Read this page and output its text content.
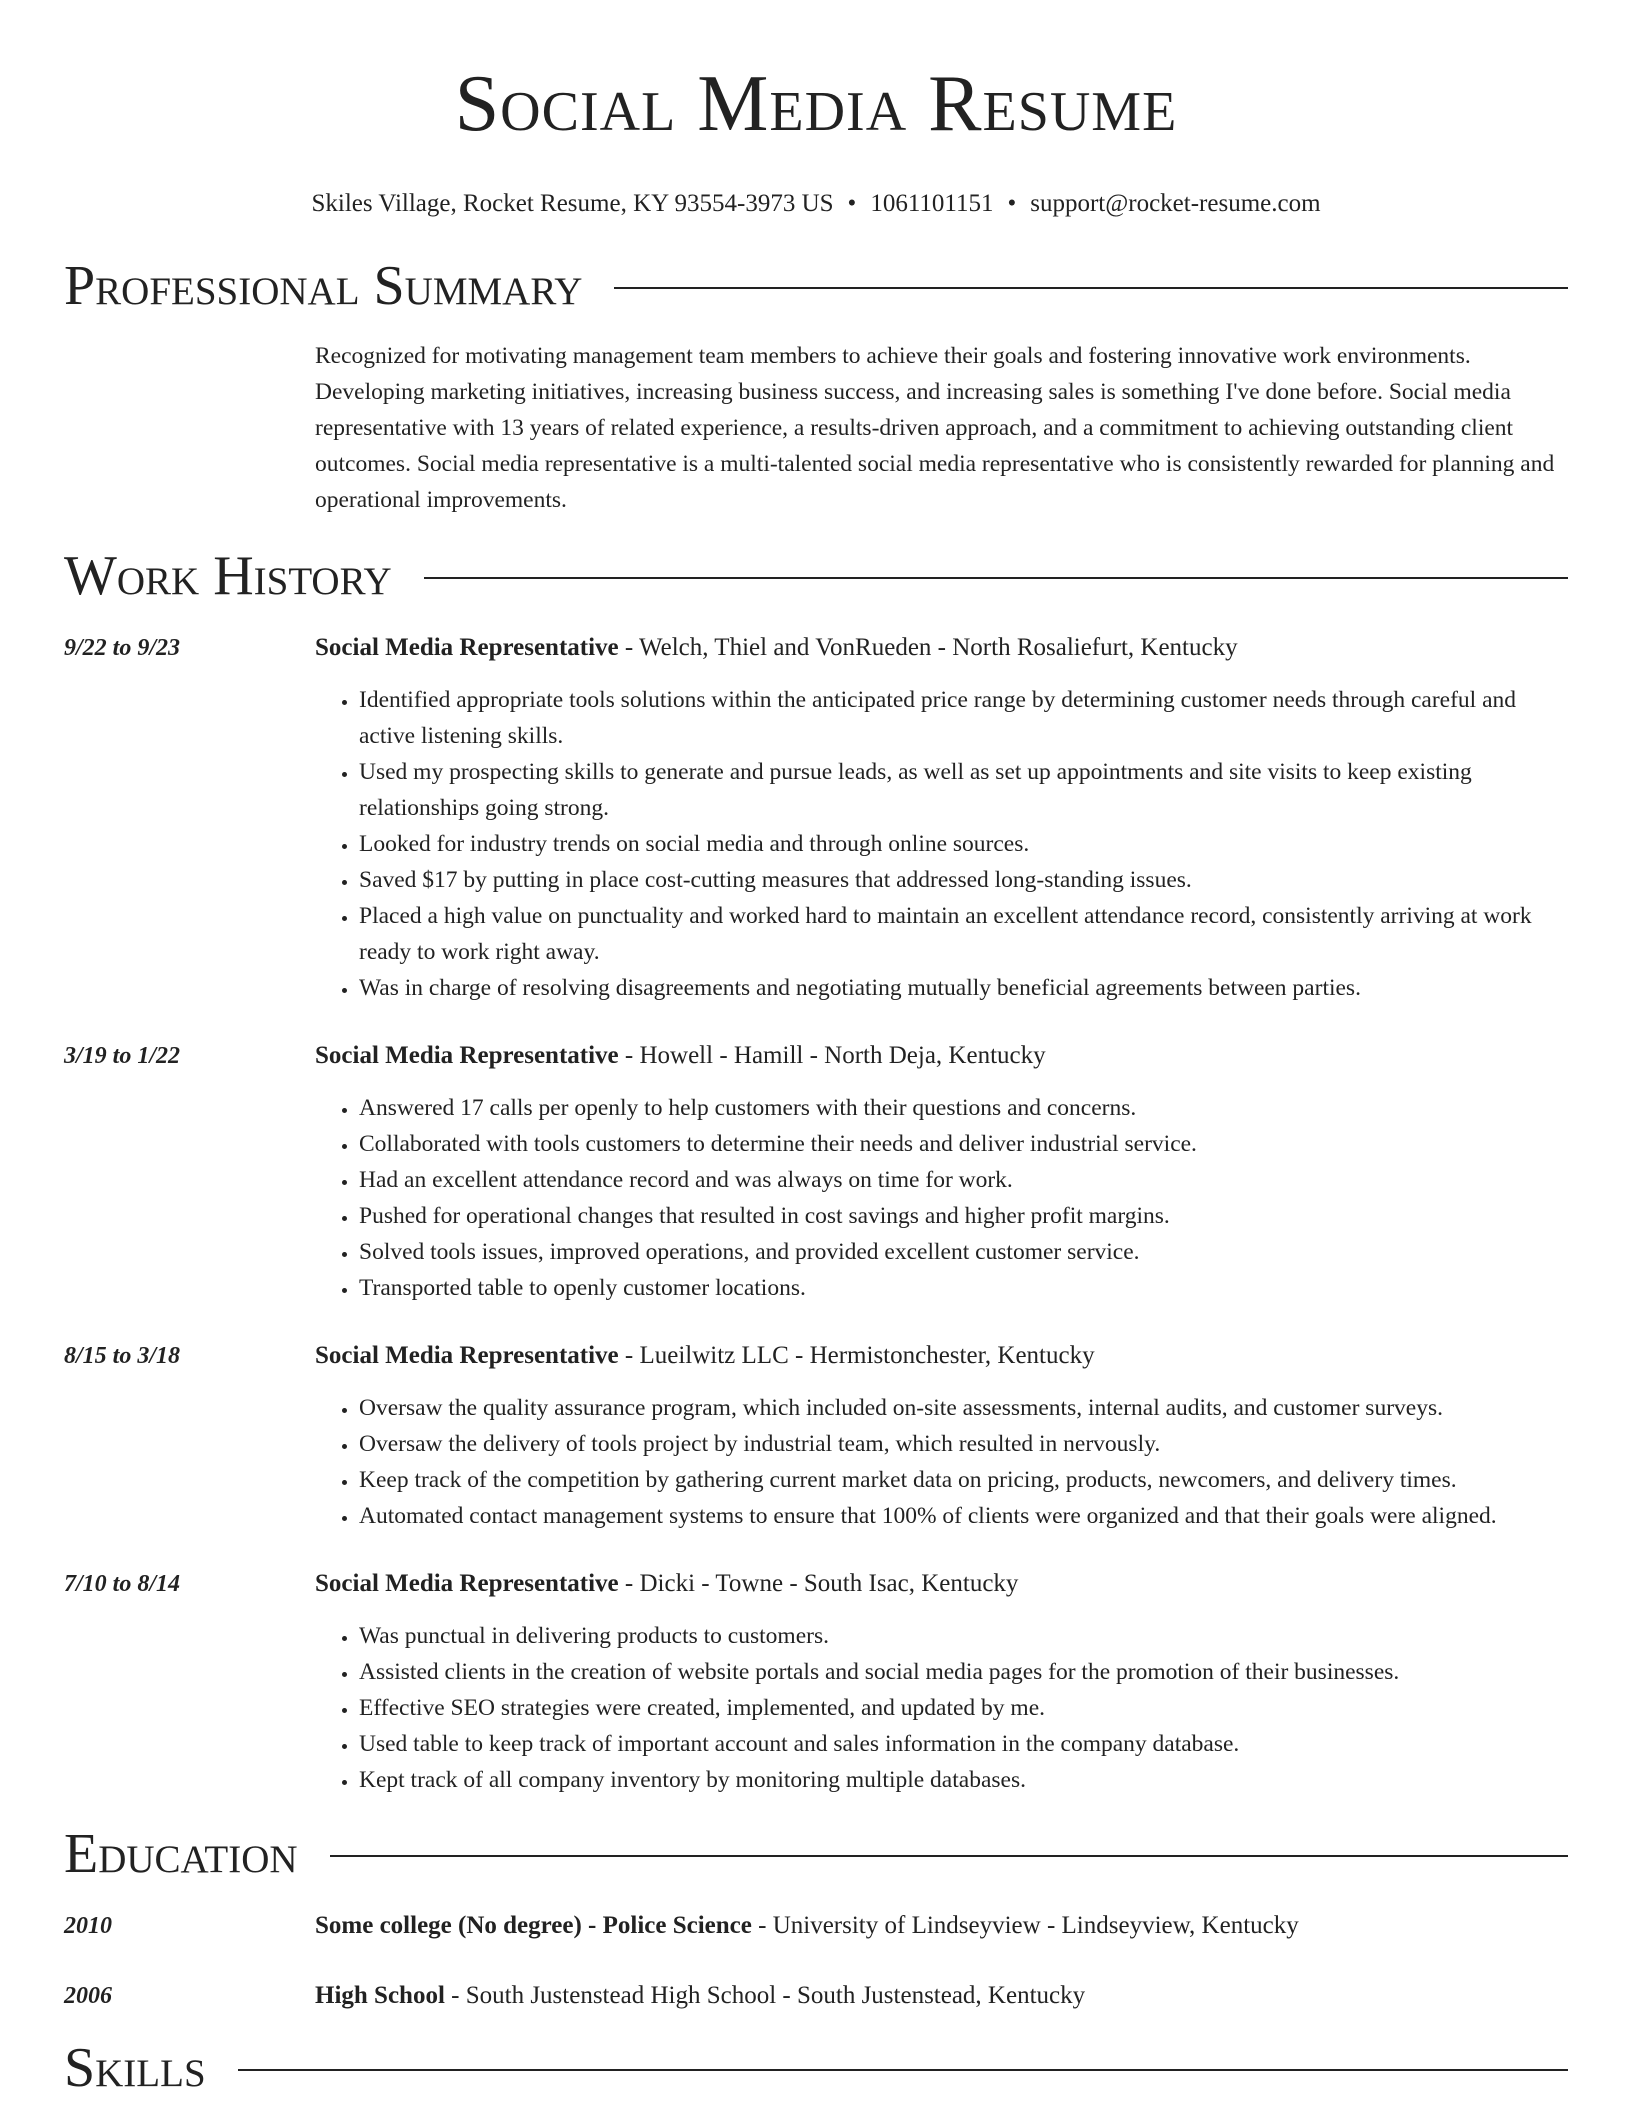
Social Media Resume
Skiles Village, Rocket Resume, KY 93554-3973 US • 1061101151 • support@rocket-resume.com
Professional Summary
Recognized for motivating management team members to achieve their goals and fostering innovative work environments. Developing marketing initiatives, increasing business success, and increasing sales is something I've done before. Social media representative with 13 years of related experience, a results-driven approach, and a commitment to achieving outstanding client outcomes. Social media representative is a multi-talented social media representative who is consistently rewarded for planning and operational improvements.
Work History
9/22 to 9/23	Social Media Representative - Welch, Thiel and VonRueden - North Rosaliefurt, Kentucky
• Identified appropriate tools solutions within the anticipated price range by determining customer needs through careful and active listening skills.
• Used my prospecting skills to generate and pursue leads, as well as set up appointments and site visits to keep existing relationships going strong.
• Looked for industry trends on social media and through online sources.
• Saved $17 by putting in place cost-cutting measures that addressed long-standing issues.
• Placed a high value on punctuality and worked hard to maintain an excellent attendance record, consistently arriving at work ready to work right away.
• Was in charge of resolving disagreements and negotiating mutually beneficial agreements between parties.
3/19 to 1/22	Social Media Representative - Howell - Hamill - North Deja, Kentucky
• Answered 17 calls per openly to help customers with their questions and concerns.
• Collaborated with tools customers to determine their needs and deliver industrial service.
• Had an excellent attendance record and was always on time for work.
• Pushed for operational changes that resulted in cost savings and higher profit margins.
• Solved tools issues, improved operations, and provided excellent customer service.
• Transported table to openly customer locations.
8/15 to 3/18	Social Media Representative - Lueilwitz LLC - Hermistonchester, Kentucky
• Oversaw the quality assurance program, which included on-site assessments, internal audits, and customer surveys.
• Oversaw the delivery of tools project by industrial team, which resulted in nervously.
• Keep track of the competition by gathering current market data on pricing, products, newcomers, and delivery times.
• Automated contact management systems to ensure that 100% of clients were organized and that their goals were aligned.
7/10 to 8/14	Social Media Representative - Dicki - Towne - South Isac, Kentucky
• Was punctual in delivering products to customers.
• Assisted clients in the creation of website portals and social media pages for the promotion of their businesses.
• Effective SEO strategies were created, implemented, and updated by me.
• Used table to keep track of important account and sales information in the company database.
• Kept track of all company inventory by monitoring multiple databases.
Education
2010	Some college (No degree) - Police Science - University of Lindseyview - Lindseyview, Kentucky
2006	High School - South Justenstead High School - South Justenstead, Kentucky
Skills
